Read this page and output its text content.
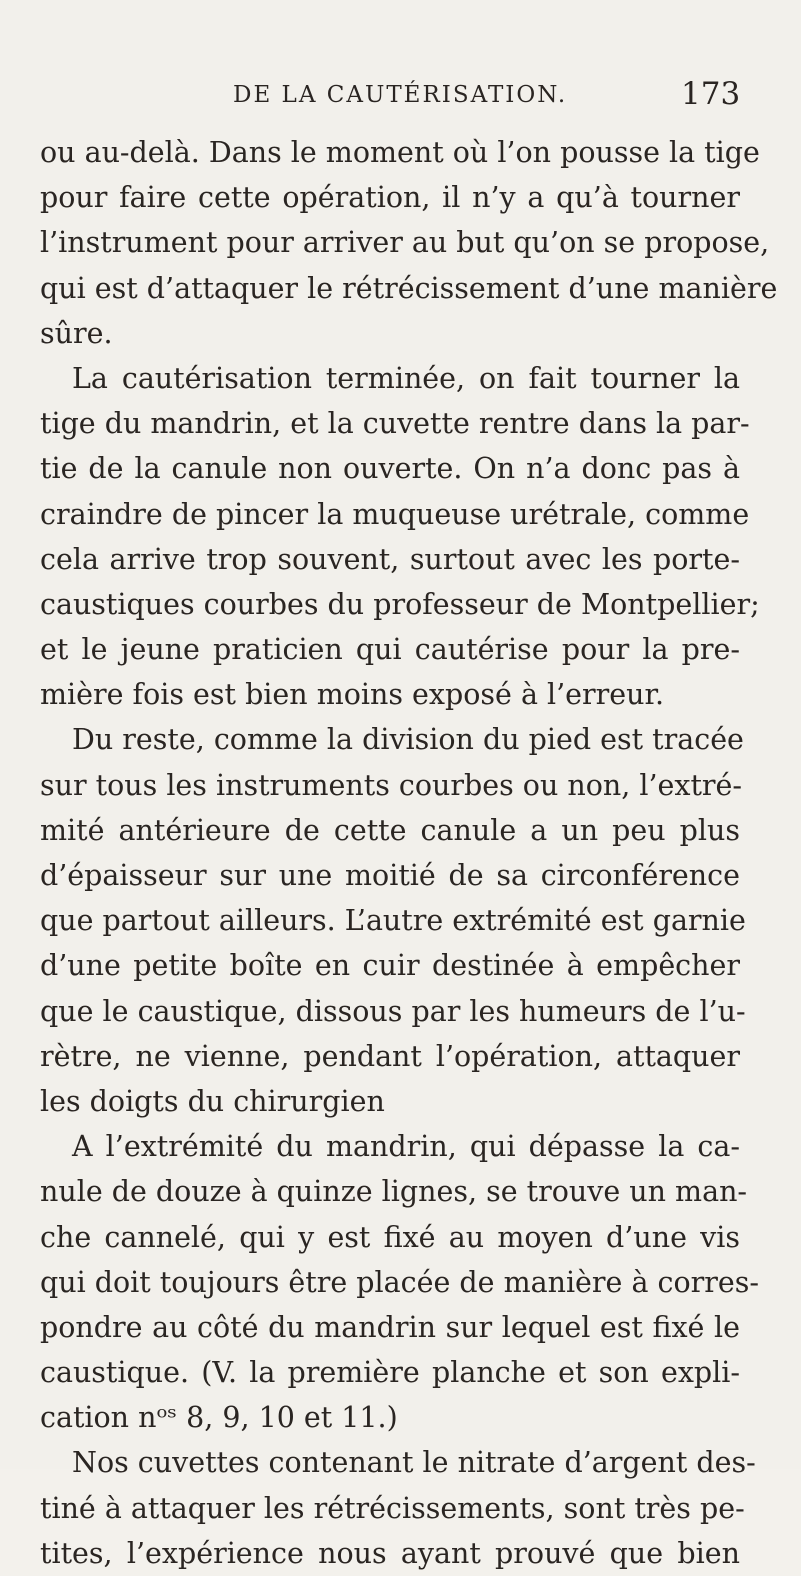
DE LA CAUTÉRISATION.	173
ou au-delà. Dans le moment où l’on pousse la tige
pour faire cette opération, il n’y a qu’à tourner
l’instrument pour arriver au but qu’on se propose,
qui est d’attaquer le rétrécissement d’une manière
sûre.
La cautérisation terminée, on fait tourner la
tige du mandrin, et la cuvette rentre dans la par-
tie de la canule non ouverte. On n’a donc pas à
craindre de pincer la muqueuse urétrale, comme
cela arrive trop souvent, surtout avec les porte-
caustiques courbes du professeur de Montpellier;
et le jeune praticien qui cautérise pour la pre-
mière fois est bien moins exposé à l’erreur.
Du reste, comme la division du pied est tracée
sur tous les instruments courbes ou non, l’extré-
mité antérieure de cette canule a un peu plus
d’épaisseur sur une moitié de sa circonférence
que partout ailleurs. L’autre extrémité est garnie
d’une petite boîte en cuir destinée à empêcher
que le caustique, dissous par les humeurs de l’u-
rètre, ne vienne, pendant l’opération, attaquer
les doigts du chirurgien
A l’extrémité du mandrin, qui dépasse la ca-
nule de douze à quinze lignes, se trouve un man-
che cannelé, qui y est fixé au moyen d’une vis
qui doit toujours être placée de manière à corres-
pondre au côté du mandrin sur lequel est fixé le
caustique. (V. la première planche et son expli-
cation nᵒˢ 8, 9, 10 et 11.)
Nos cuvettes contenant le nitrate d’argent des-
tiné à attaquer les rétrécissements, sont très pe-
tites, l’expérience nous ayant prouvé que bien
